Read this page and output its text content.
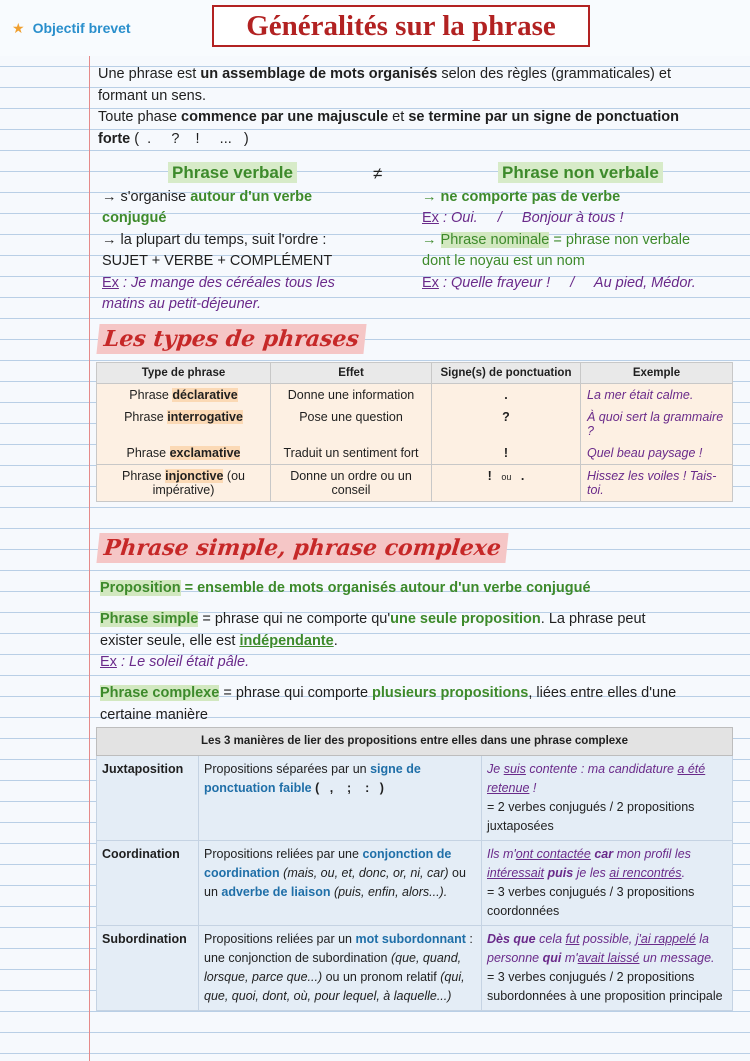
★ Objectif brevet	Généralités sur la phrase
Une phrase est un assemblage de mots organisés selon des règles (grammaticales) et
formant un sens.
Toute phase commence par une majuscule et se termine par un signe de ponctuation
forte (  .     ?    !     ...   )
Phrase verbale
→ s'organise autour d'un verbe
conjugué
→ la plupart du temps, suit l'ordre :
SUJET + VERBE + COMPLÉMENT
Ex : Je mange des céréales tous les
matins au petit-déjeuner.
≠	Phrase non verbale
→ ne comporte pas de verbe
Ex : Oui.     /     Bonjour à tous !
→ Phrase nominale = phrase non verbale
dont le noyau est un nom
Ex : Quelle frayeur !     /     Au pied, Médor.
Les types de phrases
Type de phrase	Effet	Signe(s) de ponctuation	Exemple
Phrase déclarative	Donne une information	.	La mer était calme.
Phrase interrogative	Pose une question	?	À quoi sert la grammaire ?
Phrase exclamative	Traduit un sentiment fort	!	Quel beau paysage !
Phrase injonctive (ou impérative)	Donne un ordre ou un conseil	! ou .	Hissez les voiles ! Tais-toi.
Phrase simple, phrase complexe
Proposition = ensemble de mots organisés autour d'un verbe conjugué
Phrase simple = phrase qui ne comporte qu'une seule proposition. La phrase peut
exister seule, elle est indépendante.
Ex : Le soleil était pâle.
Phrase complexe = phrase qui comporte plusieurs propositions, liées entre elles d'une
certaine manière
Les 3 manières de lier des propositions entre elles dans une phrase complexe		
Juxtaposition	Propositions séparées par un signe de ponctuation faible (   ,    ;    :   )	Je suis contente : ma candidature a été retenue !
= 2 verbes conjugués / 2 propositions juxtaposées

Coordination	Propositions reliées par une conjonction de coordination (mais, ou, et, donc, or, ni, car) ou un adverbe de liaison (puis, enfin, alors...).	Ils m'ont contactée car mon profil les intéressait puis je les ai rencontrés.
= 3 verbes conjugués / 3 propositions coordonnées

Subordination	Propositions reliées par un mot subordonnant : une conjonction de subordination (que, quand, lorsque, parce que...) ou un pronom relatif (qui, que, quoi, dont, où, pour lequel, à laquelle...)	Dès que cela fut possible, j'ai rappelé la personne qui m'avait laissé un message.
= 3 verbes conjugués / 2 propositions subordonnées à une proposition principale
